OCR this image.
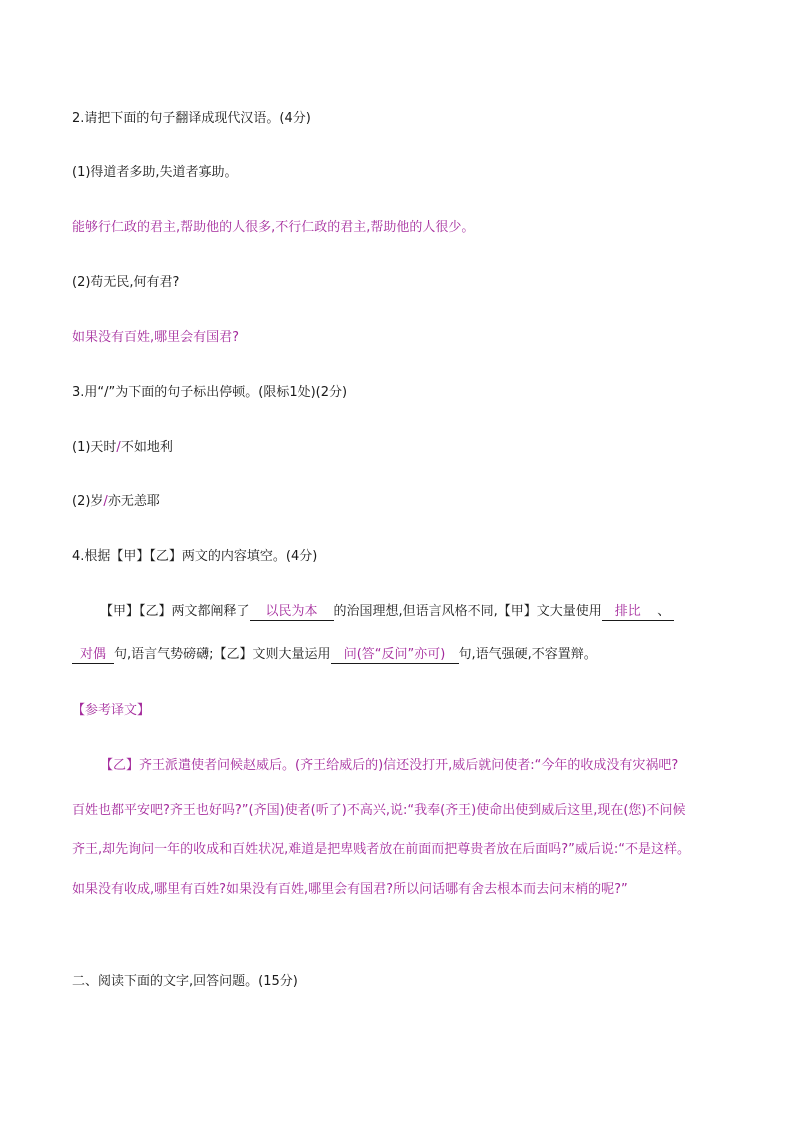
2.请把下面的句子翻译成现代汉语。(4分)
(1)得道者多助,失道者寡助。
能够行仁政的君主,帮助他的人很多,不行仁政的君主,帮助他的人很少。
(2)苟无民,何有君?
如果没有百姓,哪里会有国君?
3.用“/”为下面的句子标出停顿。(限标1处)(2分)
(1)天时/不如地利
(2)岁/亦无恙耶
4.根据【甲】【乙】两文的内容填空。(4分)
【甲】【乙】两文都阐释了 以民为本 的治国理想,但语言风格不同,【甲】文大量使用 排比 、
对偶 句,语言气势磅礴;【乙】文则大量运用 问(答“反问”亦可) 句,语气强硬,不容置辩。
【参考译文】
【乙】齐王派遣使者问候赵威后。(齐王给威后的)信还没打开,威后就问使者:“今年的收成没有灾祸吧?
百姓也都平安吧?齐王也好吗?”(齐国)使者(听了)不高兴,说:“我奉(齐王)使命出使到威后这里,现在(您)不问候
齐王,却先询问一年的收成和百姓状况,难道是把卑贱者放在前面而把尊贵者放在后面吗?”威后说:“不是这样。
如果没有收成,哪里有百姓?如果没有百姓,哪里会有国君?所以问话哪有舍去根本而去问末梢的呢?”
二、阅读下面的文字,回答问题。(15分)
